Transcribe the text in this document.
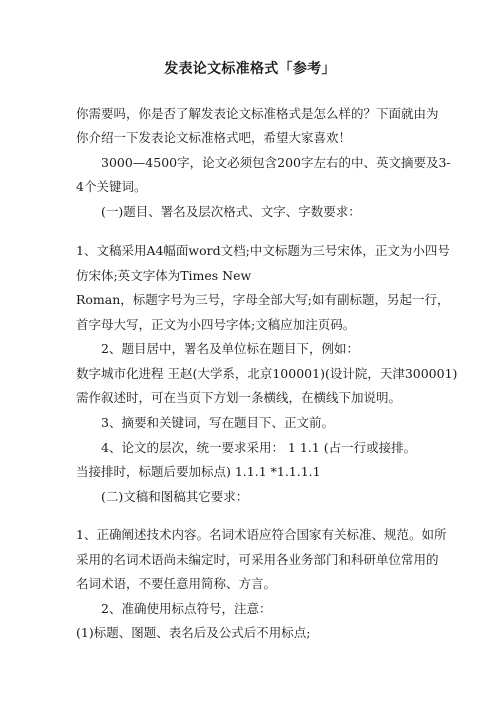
发表论文标准格式「参考」
你需要吗，你是否了解发表论文标准格式是怎么样的？下面就由为
你介绍一下发表论文标准格式吧，希望大家喜欢！
3000—4500字，论文必须包含200字左右的中、英文摘要及3-
4个关键词。
(一)题目、署名及层次格式、文字、字数要求：
1、文稿采用A4幅面word文档;中文标题为三号宋体，正文为小四号
仿宋体;英文字体为Times New
Roman，标题字号为三号，字母全部大写;如有副标题，另起一行，
首字母大写，正文为小四号字体;文稿应加注页码。
2、题目居中，署名及单位标在题目下，例如：
数字城市化进程 王赵(大学系，北京100001)(设计院，天津300001)
需作叙述时，可在当页下方划一条横线，在横线下加说明。
3、摘要和关键词，写在题目下、正文前。
4、论文的层次，统一要求采用： 1 1.1 (占一行或接排。
当接排时，标题后要加标点) 1.1.1 *1.1.1.1
(二)文稿和图稿其它要求：
1、正确阐述技术内容。名词术语应符合国家有关标准、规范。如所
采用的名词术语尚未编定时，可采用各业务部门和科研单位常用的
名词术语，不要任意用简称、方言。
2、准确使用标点符号，注意：
(1)标题、图题、表名后及公式后不用标点;
